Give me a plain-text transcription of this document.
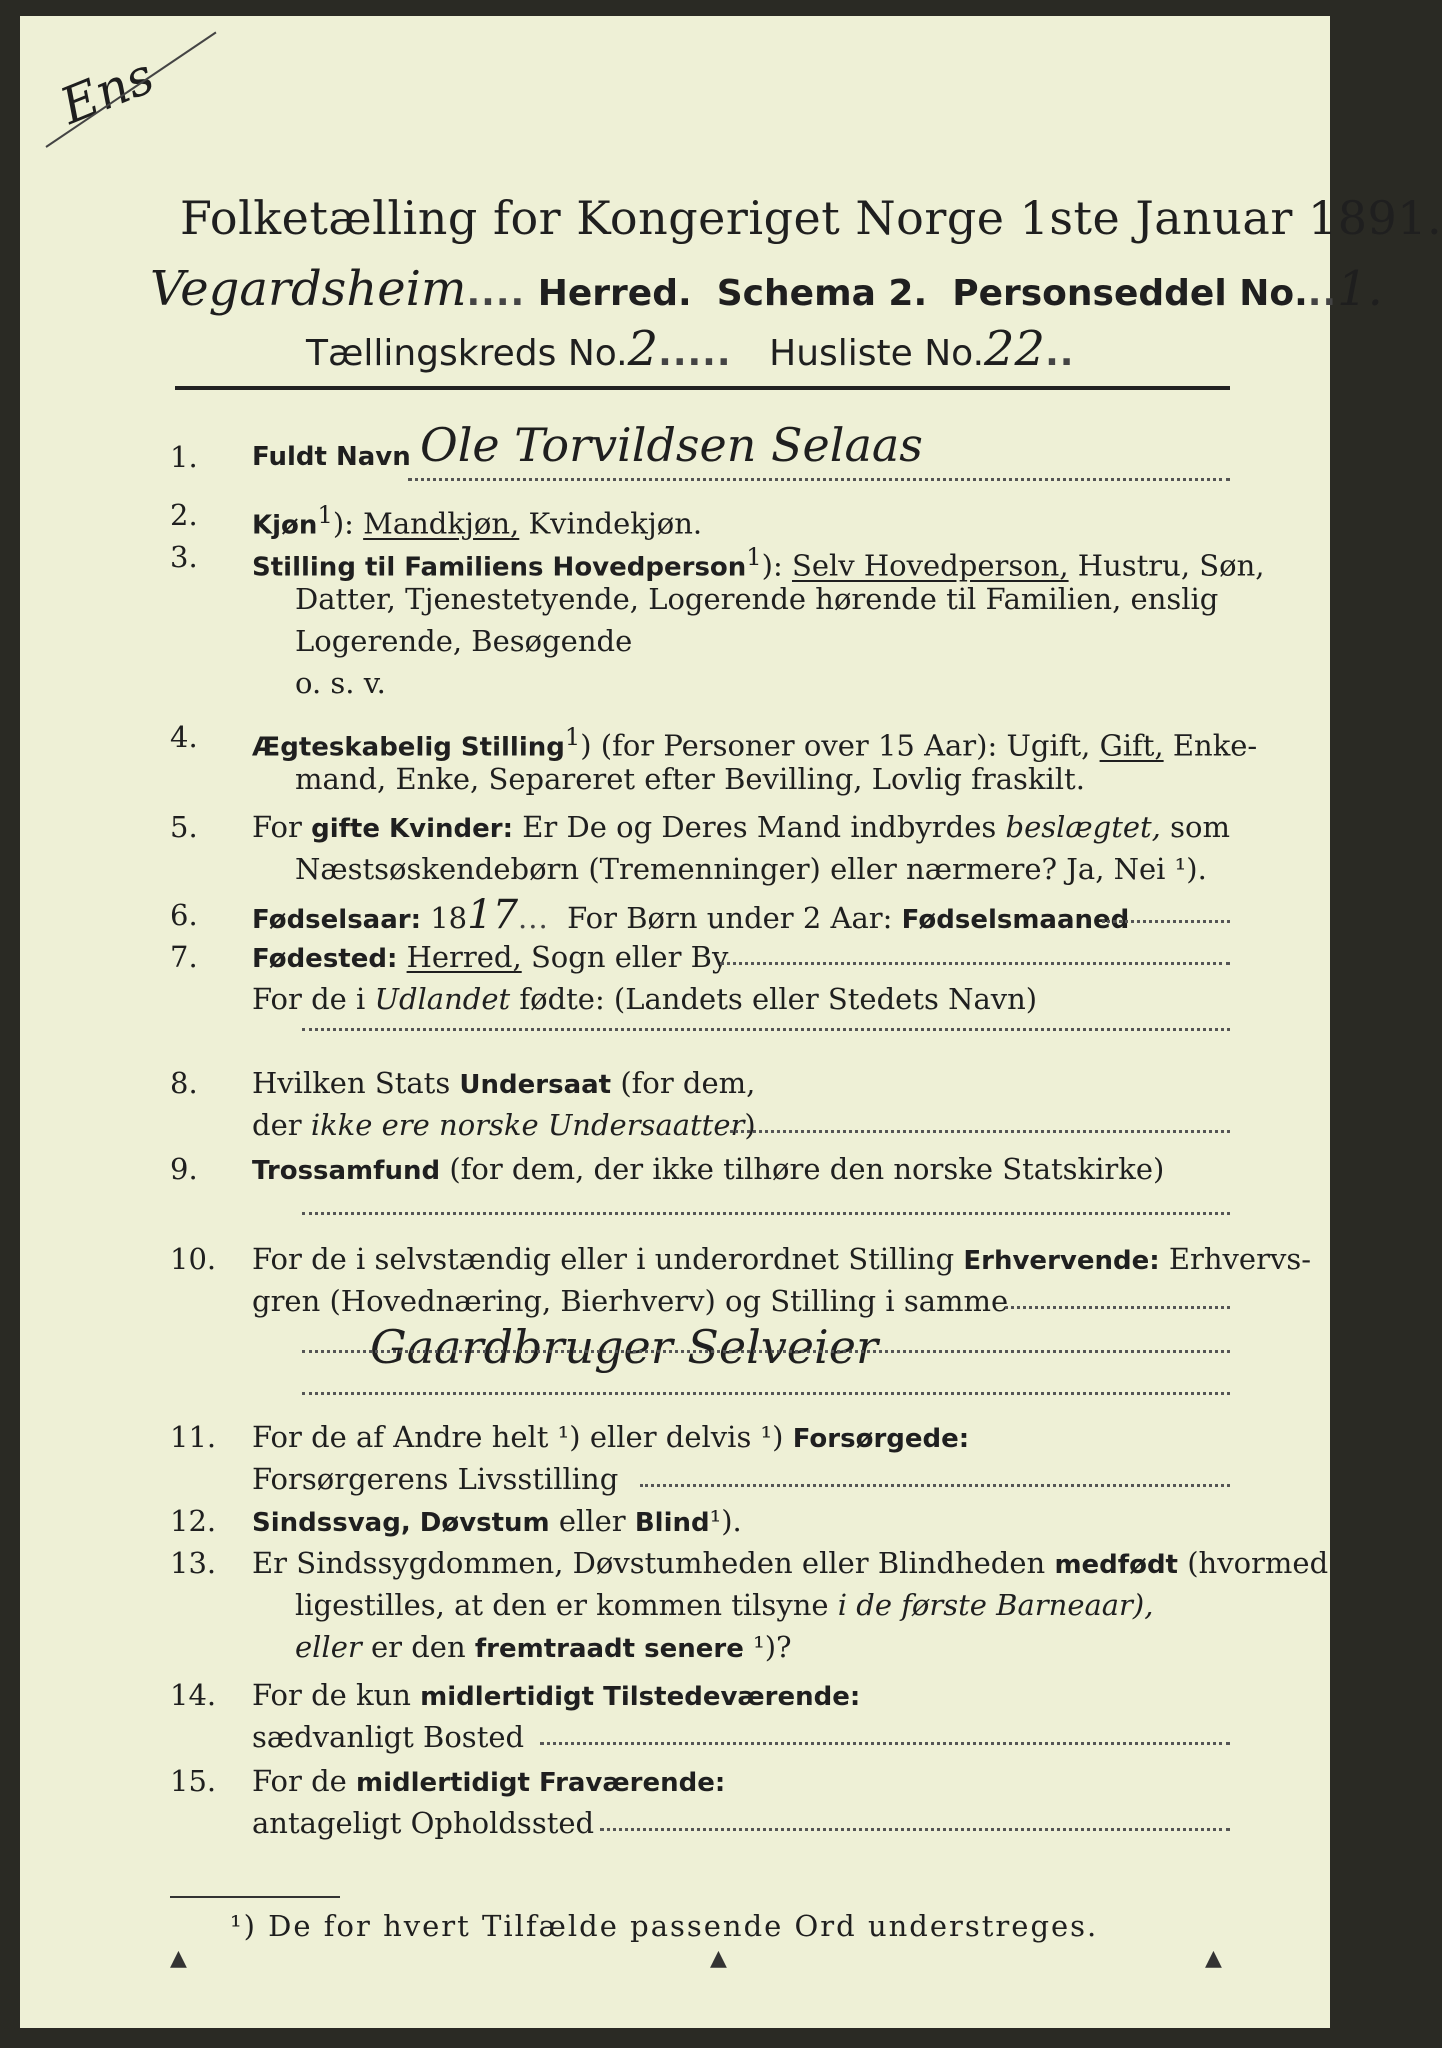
Ens
Folketælling for Kongeriget Norge 1ste Januar 1891.
Vegardsheim.... Herred. Schema 2. Personseddel No...1.
Tællingskreds No.2..... Husliste No.22..
1.	Fuldt Navn Ole Torvildsen Selaas
2.	Kjøn$^1$): Mandkjøn, Kvindekjøn.
3.	Stilling til Familiens Hovedperson$^1$): Selv Hovedperson, Hustru, Søn,
Datter, Tjenestetyende, Logerende hørende til Familien, enslig
Logerende, Besøgende
o. s. v.
4.	Ægteskabelig Stilling$^1$) (for Personer over 15 Aar): Ugift, Gift, Enke-
mand, Enke, Separeret efter Bevilling, Lovlig fraskilt.
5.	For gifte Kvinder: Er De og Deres Mand indbyrdes beslægtet, som
Næstsøskendebørn (Tremenninger) eller nærmere? Ja, Nei ¹).
6.	Fødselsaar: 1817... For Børn under 2 Aar: Fødselsmaaned
7.	Fødested: Herred, Sogn eller By
For de i Udlandet fødte: (Landets eller Stedets Navn)
8.	Hvilken Stats Undersaat (for dem,
der ikke ere norske Undersaatter)
9.	Trossamfund (for dem, der ikke tilhøre den norske Statskirke)
10.	For de i selvstændig eller i underordnet Stilling Erhvervende: Erhvervs-
gren (Hovednæring, Bierhverv) og Stilling i samme
Gaardbruger Selveier
11.	For de af Andre helt ¹) eller delvis ¹) Forsørgede:
Forsørgerens Livsstilling
12.	Sindssvag, Døvstum eller Blind¹).
13.	Er Sindssygdommen, Døvstumheden eller Blindheden medfødt (hvormed
ligestilles, at den er kommen tilsyne i de første Barneaar),
eller er den fremtraadt senere ¹)?
14.	For de kun midlertidigt Tilstedeværende:
sædvanligt Bosted
15.	For de midlertidigt Fraværende:
antageligt Opholdssted
¹) De for hvert Tilfælde passende Ord understreges.
▲	▲	▲
